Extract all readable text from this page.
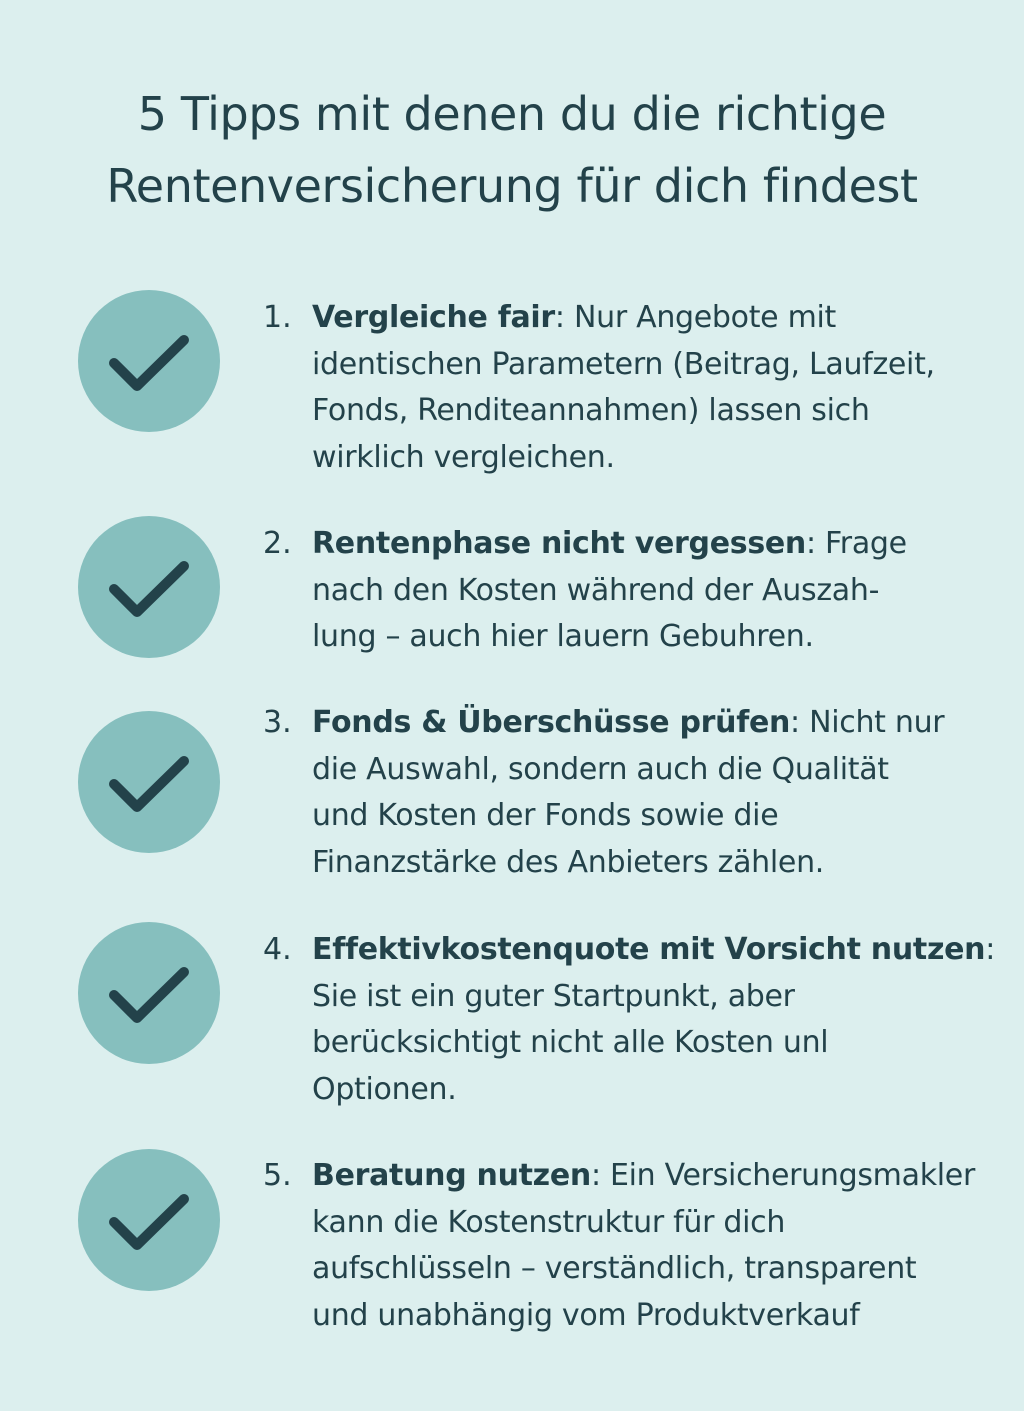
5 Tipps mit denen du die richtige
Rentenversicherung für dich findest
1. Vergleiche fair: Nur Angebote mit
identischen Parametern (Beitrag, Laufzeit,
Fonds, Renditeannahmen) lassen sich
wirklich vergleichen.
2. Rentenphase nicht vergessen: Frage
nach den Kosten während der Auszah-
lung – auch hier lauern Gebuhren.
3. Fonds & Überschüsse prüfen: Nicht nur
die Auswahl, sondern auch die Qualität
und Kosten der Fonds sowie die
Finanzstärke des Anbieters zählen.
4. Effektivkostenquote mit Vorsicht nutzen:
Sie ist ein guter Startpunkt, aber
berücksichtigt nicht alle Kosten unl
Optionen.
5. Beratung nutzen: Ein Versicherungsmakler
kann die Kostenstruktur für dich
aufschlüsseln – verständlich, transparent
und unabhängig vom Produktverkauf
